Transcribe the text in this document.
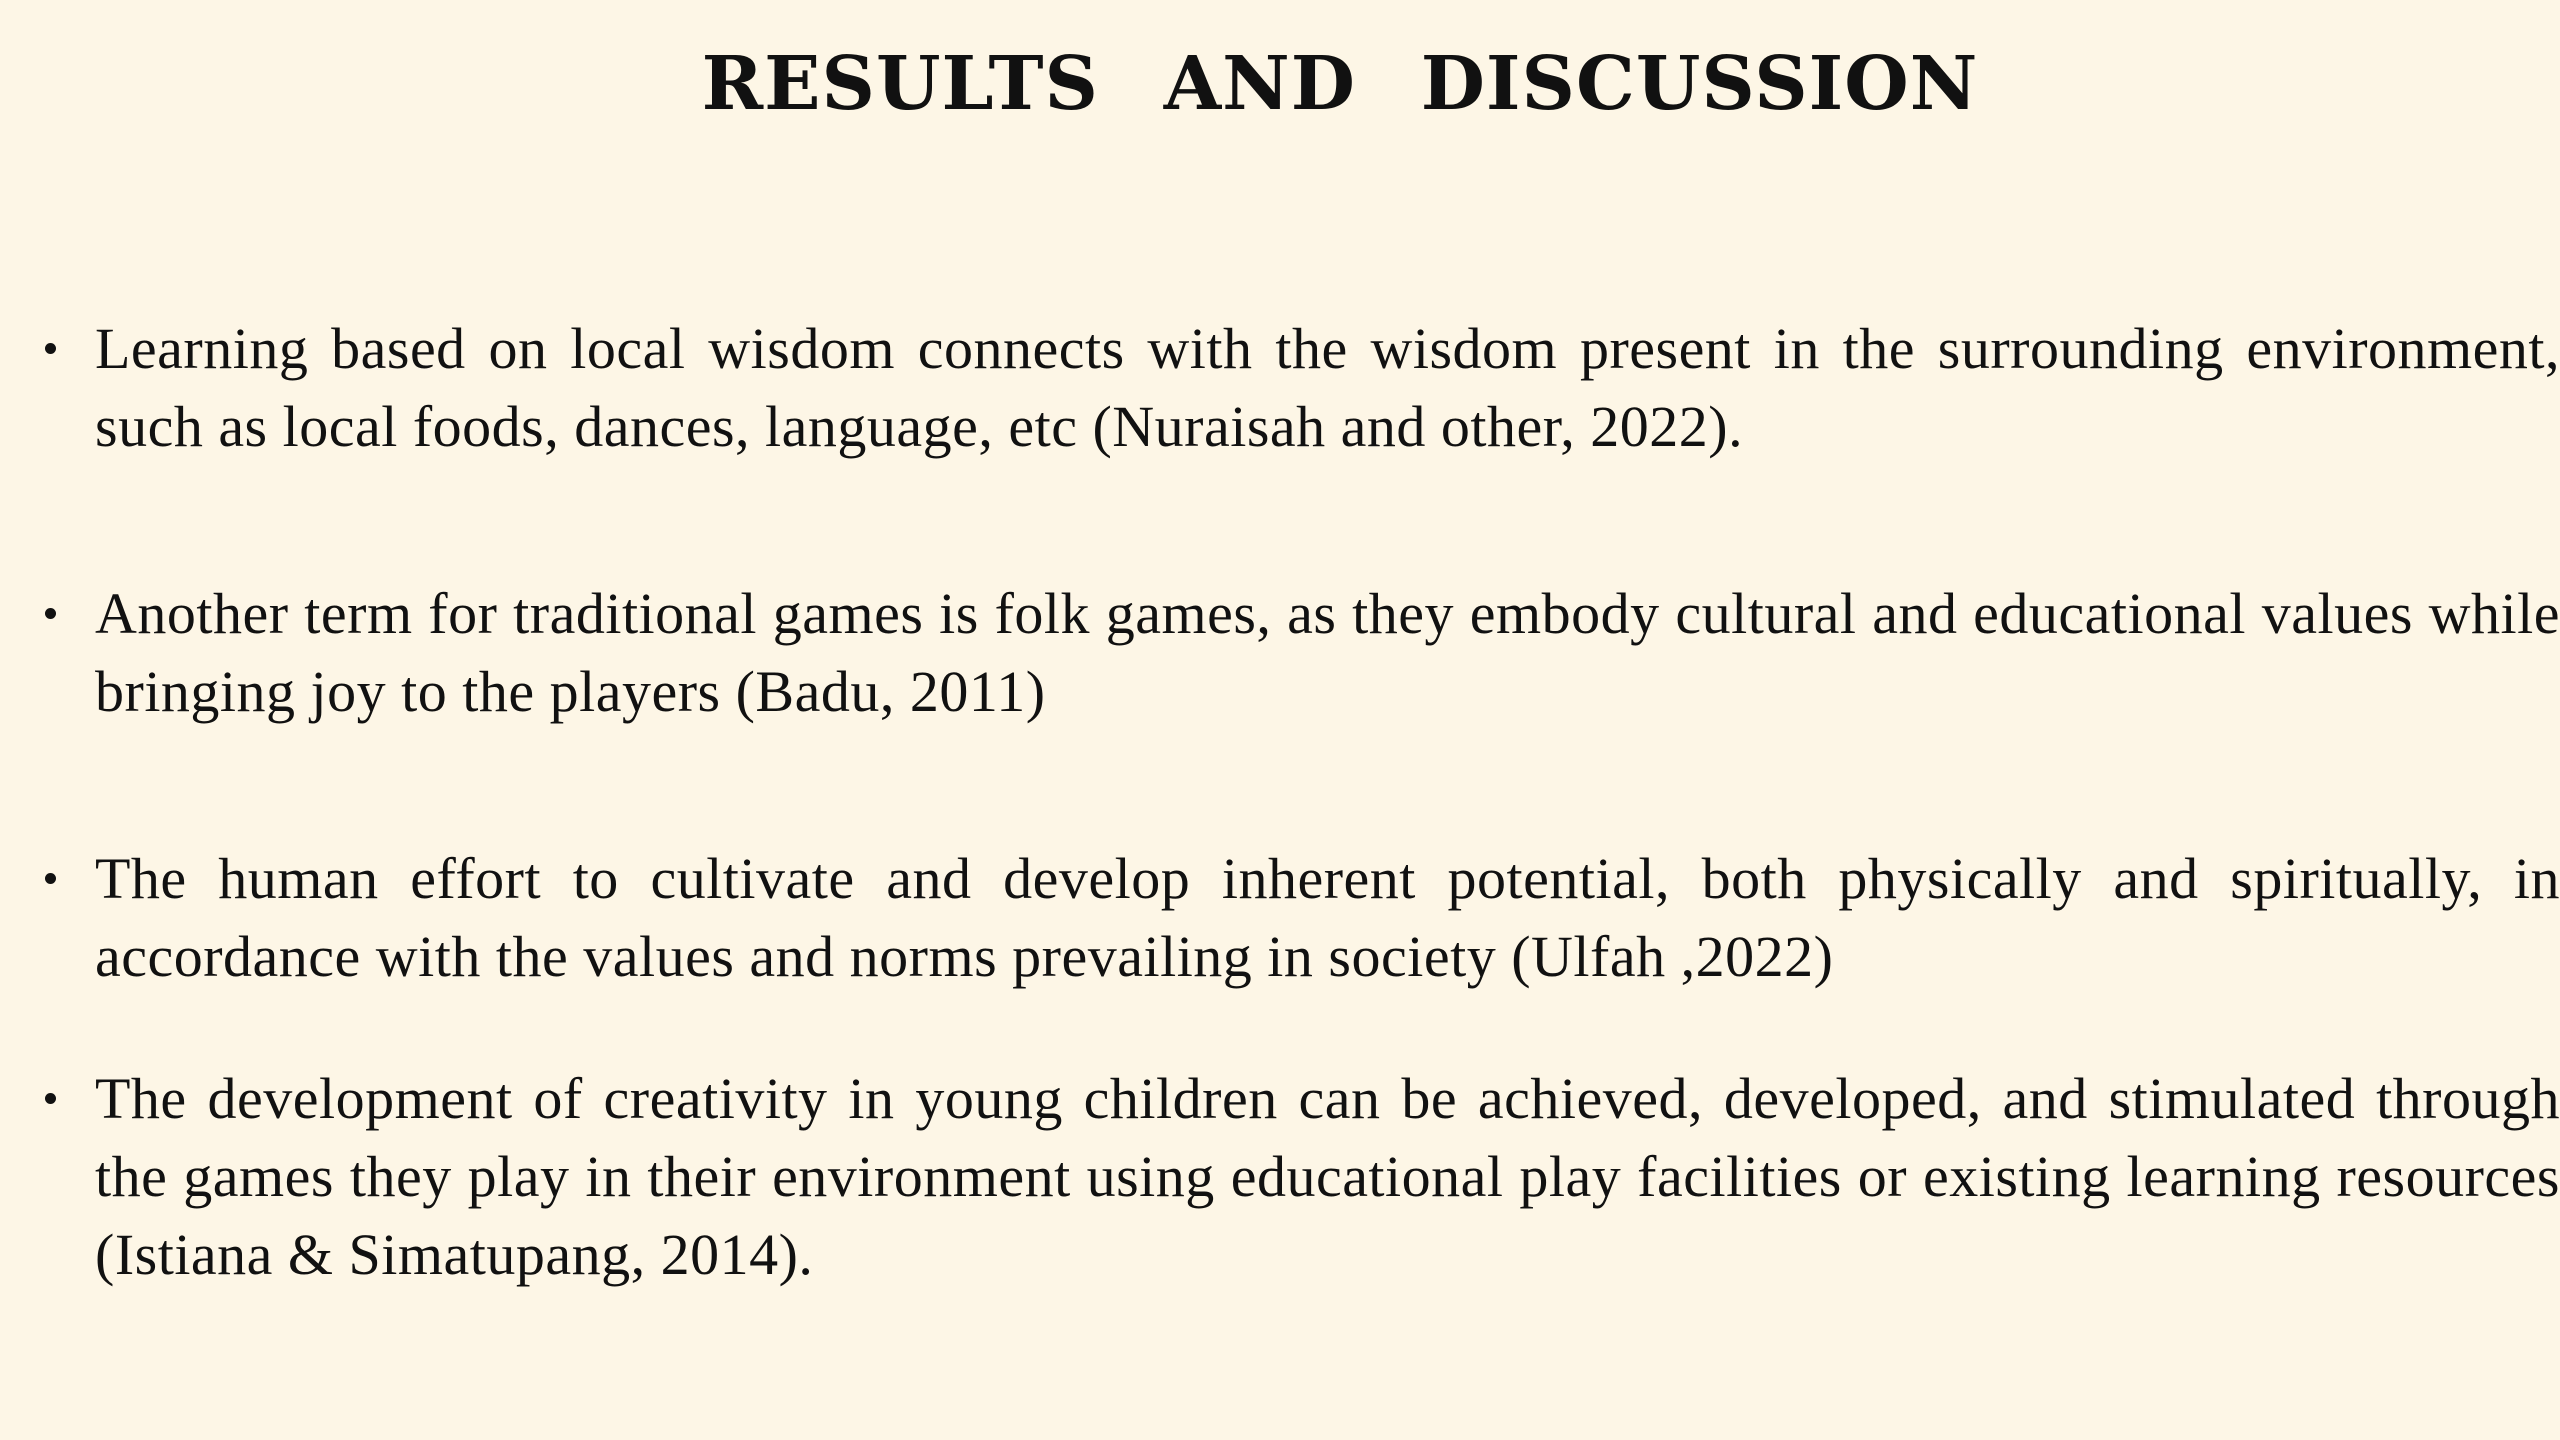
RESULTS AND DISCUSSION
Learning based on local wisdom connects with the wisdom present in the surrounding environment, such as local foods, dances, language, etc (Nuraisah and other, 2022).
Another term for traditional games is folk games, as they embody cultural and educational values while bringing joy to the players (Badu, 2011)
The human effort to cultivate and develop inherent potential, both physically and spiritually, in accordance with the values and norms prevailing in society (Ulfah ,2022)
The development of creativity in young children can be achieved, developed, and stimulated through the games they play in their environment using educational play facilities or existing learning resources (Istiana & Simatupang, 2014).
